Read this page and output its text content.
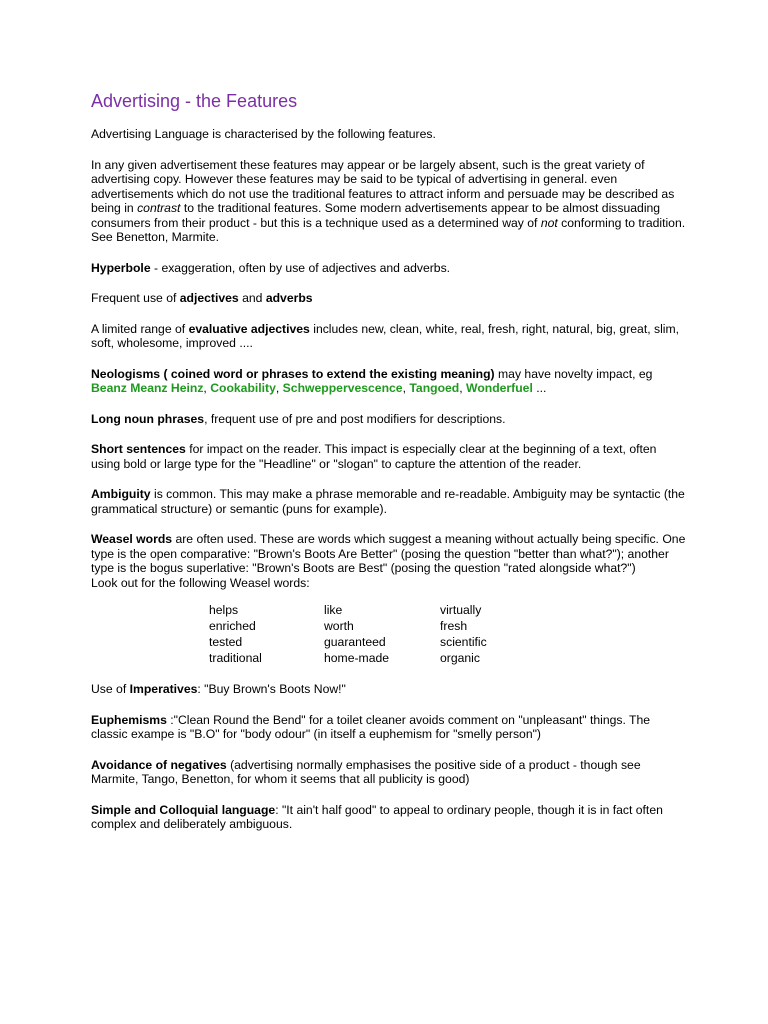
Advertising - the Features

Advertising Language is characterised by the following features.

In any given advertisement these features may appear or be largely absent, such is the great variety of advertising copy. However these features may be said to be typical of advertising in general. even advertisements which do not use the traditional features to attract inform and persuade may be described as being in contrast to the traditional features. Some modern advertisements appear to be almost dissuading consumers from their product - but this is a technique used as a determined way of not conforming to tradition. See Benetton, Marmite.

Hyperbole - exaggeration, often by use of adjectives and adverbs.

Frequent use of adjectives and adverbs

A limited range of evaluative adjectives includes new, clean, white, real, fresh, right, natural, big, great, slim, soft, wholesome, improved ....

Neologisms ( coined word or phrases to extend the existing meaning) may have novelty impact, eg Beanz Meanz Heinz, Cookability, Schweppervescence, Tangoed, Wonderfuel ...

Long noun phrases, frequent use of pre and post modifiers for descriptions.

Short sentences for impact on the reader. This impact is especially clear at the beginning of a text, often using bold or large type for the "Headline" or "slogan" to capture the attention of the reader.

Ambiguity is common. This may make a phrase memorable and re-readable. Ambiguity may be syntactic (the grammatical structure) or semantic (puns for example).

Weasel words are often used. These are words which suggest a meaning without actually being specific. One type is the open comparative: "Brown's Boots Are Better" (posing the question "better than what?"); another type is the bogus superlative: "Brown's Boots are Best" (posing the question "rated alongside what?")

Look out for the following Weasel words:

helps	like	virtually
enriched	worth	fresh
tested	guaranteed	scientific
traditional	home-made	organic

Use of Imperatives: "Buy Brown's Boots Now!"

Euphemisms :"Clean Round the Bend" for a toilet cleaner avoids comment on "unpleasant" things. The classic exampe is "B.O" for "body odour" (in itself a euphemism for "smelly person")

Avoidance of negatives (advertising normally emphasises the positive side of a product - though see Marmite, Tango, Benetton, for whom it seems that all publicity is good)

Simple and Colloquial language: "It ain't half good" to appeal to ordinary people, though it is in fact often complex and deliberately ambiguous.
